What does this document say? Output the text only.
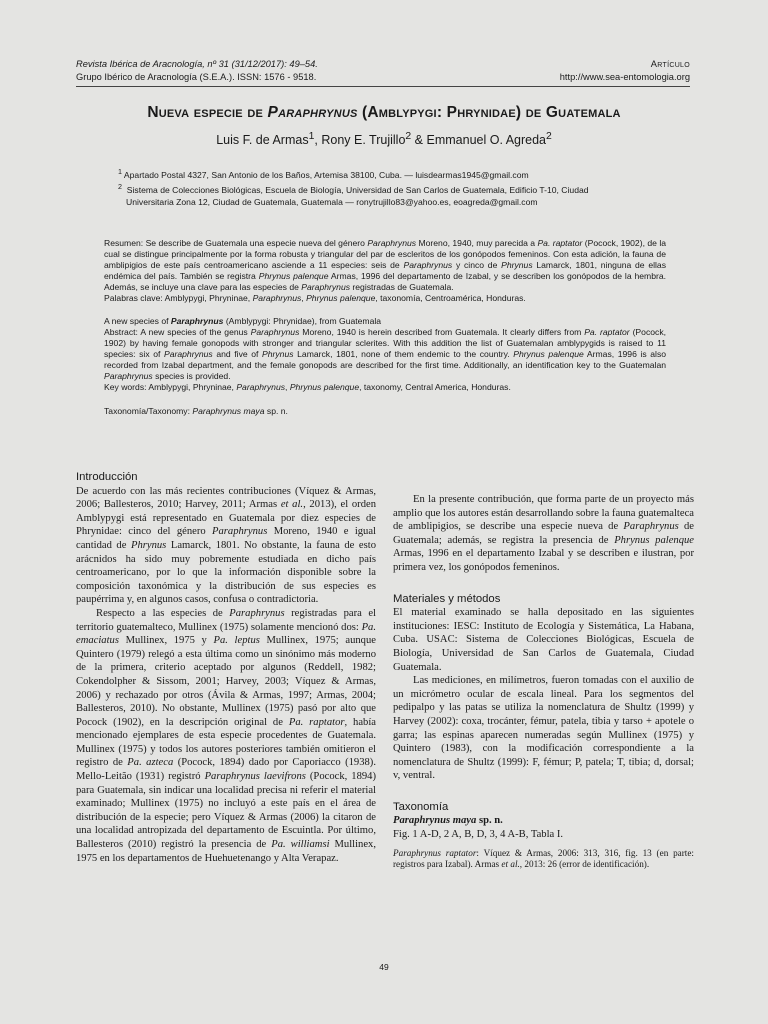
Revista Ibérica de Aracnología, nº 31 (31/12/2017): 49–54.	Artículo
Grupo Ibérico de Aracnología (S.E.A.). ISSN: 1576 - 9518.	http://www.sea-entomologia.org
Nueva especie de Paraphrynus (Amblypygi: Phrynidae) de Guatemala
Luis F. de Armas$^1$, Rony E. Trujillo$^2$ & Emmanuel O. Agreda$^2$

$^1$ Apartado Postal 4327, San Antonio de los Baños, Artemisa 38100, Cuba. — luisdearmas1945@gmail.com

$^2$ Sistema de Colecciones Biológicas, Escuela de Biología, Universidad de San Carlos de Guatemala, Edificio T-10, Ciudad

Universitaria Zona 12, Ciudad de Guatemala, Guatemala — ronytrujillo83@yahoo.es, eoagreda@gmail.com

Resumen: Se describe de Guatemala una especie nueva del género Paraphrynus Moreno, 1940, muy parecida a Pa. raptator (Pocock, 1902), de la cual se distingue principalmente por la forma robusta y triangular del par de escleritos de los gonópodos femeninos. Con esta adición, la fauna de amblipigios de este país centroamericano asciende a 11 especies: seis de Paraphrynus y cinco de Phrynus Lamarck, 1801, ninguna de ellas endémica del país. También se registra Phrynus palenque Armas, 1996 del departamento de Izabal, y se describen los gonópodos de la hembra. Además, se incluye una clave para las especies de Paraphrynus registradas de Guatemala.

Palabras clave: Amblypygi, Phryninae, Paraphrynus, Phrynus palenque, taxonomía, Centroamérica, Honduras.

A new species of Paraphrynus (Amblypygi: Phrynidae), from Guatemala

Abstract: A new species of the genus Paraphrynus Moreno, 1940 is herein described from Guatemala. It clearly differs from Pa. raptator (Pocock, 1902) by having female gonopods with stronger and triangular sclerites. With this addition the list of Guatemalan amblypygids is raised to 11 species: six of Paraphrynus and five of Phrynus Lamarck, 1801, none of them endemic to the country. Phrynus palenque Armas, 1996 is also recorded from Izabal department, and the female gonopods are described for the first time. Additionally, an identification key to the Guatemalan Paraphrynus species is provided.

Key words: Amblypygi, Phryninae, Paraphrynus, Phrynus palenque, taxonomy, Central America, Honduras.

Taxonomía/Taxonomy: Paraphrynus maya sp. n.

Introducción

De acuerdo con las más recientes contribuciones (Víquez & Armas, 2006; Ballesteros, 2010; Harvey, 2011; Armas et al., 2013), el orden Amblypygi está representado en Guatemala por diez especies de Phrynidae: cinco del género Paraphrynus Moreno, 1940 e igual cantidad de Phrynus Lamarck, 1801. No obstante, la fauna de esto arácnidos ha sido muy pobremente estudiada en dicho país centroamericano, por lo que la información disponible sobre la composición taxonómica y la distribución de sus especies es paupérrima y, en algunos casos, confusa o contradictoria.

Respecto a las especies de Paraphrynus registradas para el territorio guatemalteco, Mullinex (1975) solamente mencionó dos: Pa. emaciatus Mullinex, 1975 y Pa. leptus Mullinex, 1975; aunque Quintero (1979) relegó a esta última como un sinónimo más moderno de la primera, criterio aceptado por algunos (Reddell, 1982; Cokendolpher & Sissom, 2001; Harvey, 2003; Víquez & Armas, 2006) y rechazado por otros (Ávila & Armas, 1997; Armas, 2004; Ballesteros, 2010). No obstante, Mullinex (1975) pasó por alto que Pocock (1902), en la descripción original de Pa. raptator, había mencionado ejemplares de esta especie procedentes de Guatemala. Mullinex (1975) y todos los autores posteriores también omitieron el registro de Pa. azteca (Pocock, 1894) dado por Caporiacco (1938). Mello-Leitão (1931) registró Paraphrynus laevifrons (Pocock, 1894) para Guatemala, sin indicar una localidad precisa ni referir el material examinado; Mullinex (1975) no incluyó a este país en el área de distribución de la especie; pero Víquez & Armas (2006) la citaron de una localidad antropizada del departamento de Escuintla. Por último, Ballesteros (2010) registró la presencia de Pa. williamsi Mullinex, 1975 en los departamentos de Huehuetenango y Alta Verapaz.

En la presente contribución, que forma parte de un proyecto más amplio que los autores están desarrollando sobre la fauna guatemalteca de amblipigios, se describe una especie nueva de Paraphrynus de Guatemala; además, se registra la presencia de Phrynus palenque Armas, 1996 en el departamento Izabal y se describen e ilustran, por primera vez, los gonópodos femeninos.

Materiales y métodos

El material examinado se halla depositado en las siguientes instituciones: IESC: Instituto de Ecología y Sistemática, La Habana, Cuba. USAC: Sistema de Colecciones Biológicas, Escuela de Biología, Universidad de San Carlos de Guatemala, Ciudad Guatemala.

Las mediciones, en milímetros, fueron tomadas con el auxilio de un micrómetro ocular de escala lineal. Para los segmentos del pedipalpo y las patas se utiliza la nomenclatura de Shultz (1999) y Harvey (2002): coxa, trocánter, fémur, patela, tibia y tarso + apotele o garra; las espinas aparecen numeradas según Mullinex (1975) y Quintero (1983), con la modificación correspondiente a la nomenclatura de Shultz (1999): F, fémur; P, patela; T, tibia; d, dorsal; v, ventral.

Taxonomía

Paraphrynus maya sp. n.

Fig. 1 A-D, 2 A, B, D, 3, 4 A-B, Tabla I.

Paraphrynus raptator: Víquez & Armas, 2006: 313, 316, fig. 13 (en parte: registros para Izabal). Armas et al., 2013: 26 (error de identificación).

49
